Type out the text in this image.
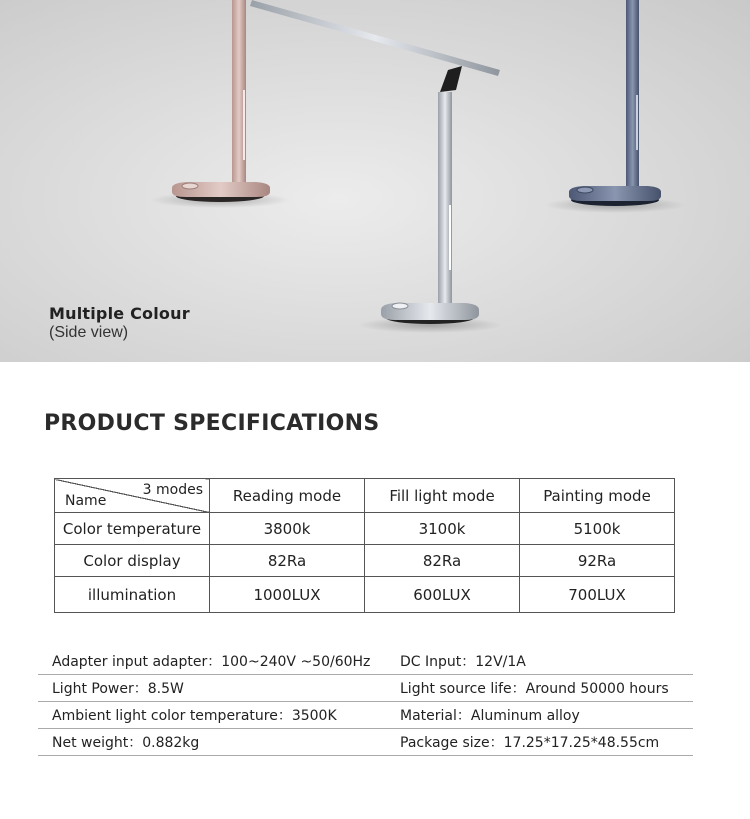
Multiple Colour
(Side view)
PRODUCT SPECIFICATIONS
3 modes
Name	Reading mode	Fill light mode	Painting mode
Color temperature	3800k	3100k	5100k
Color display	82Ra	82Ra	92Ra
illumination	1000LUX	600LUX	700LUX
Adapter input adapter：100~240V ~50/60Hz DC Input：12V/1A
Light Power：8.5W	Light source life：Around 50000 hours
Ambient light color temperature：3500K	Material：Aluminum alloy
Net weight：0.882kg	Package size：17.25*17.25*48.55cm
